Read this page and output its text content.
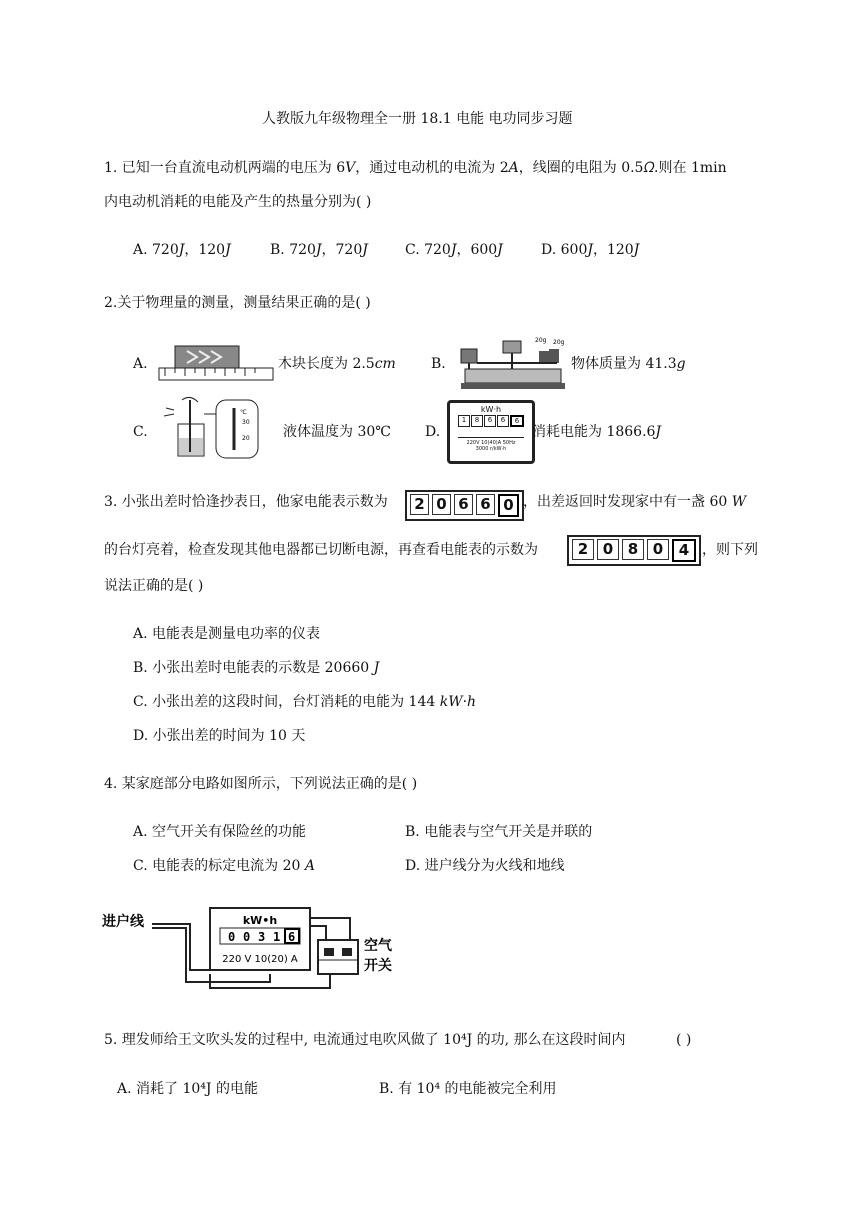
人教版九年级物理全一册 18.1 电能 电功同步习题
1. 已知一台直流电动机两端的电压为 6𝑉，通过电动机的电流为 2𝐴，线圈的电阻为 0.5𝛺.则在 1min
内电动机消耗的电能及产生的热量分别为( )
A. 720𝐽，120𝐽	B. 720𝐽，720𝐽	C. 720𝐽，600𝐽	D. 600𝐽，120𝐽
2.关于物理量的测量，测量结果正确的是( )
A.	木块长度为 2.5𝑐𝑚	B.
20g 20g
物体质量为 41.3𝑔
C.
℃
30
20 液体温度为 30℃ D.
kW·h
1	8	6	6	6
220V 10(40)A 50Hz
3000 r/kW·h
消耗电能为 1866.6𝐽
3. 小张出差时恰逢抄表日，他家电能表示数为 2 0 6 6 0 ，出差返回时发现家中有一盏 60 𝑊
的台灯亮着，检查发现其他电器都已切断电源，再查看电能表的示数为	2 0 8 0	4 ，则下列
说法正确的是( )
A. 电能表是测量电功率的仪表
B. 小张出差时电能表的示数是 20660 𝐽
C. 小张出差的这段时间，台灯消耗的电能为 144 𝑘𝑊·ℎ
D. 小张出差的时间为 10 天
4. 某家庭部分电路如图所示，下列说法正确的是( )
A. 空气开关有保险丝的功能	B. 电能表与空气开关是并联的
C. 电能表的标定电流为 20 𝐴	D. 进户线分为火线和地线
进户线	kW•h
0 0 3 1 6
220 V 10(20) A
空气
开关
5. 理发师给王文吹头发的过程中, 电流通过电吹风做了 10⁴J 的功, 那么在这段时间内	( )
A. 消耗了 10⁴J 的电能	B. 有 10⁴ 的电能被完全利用
